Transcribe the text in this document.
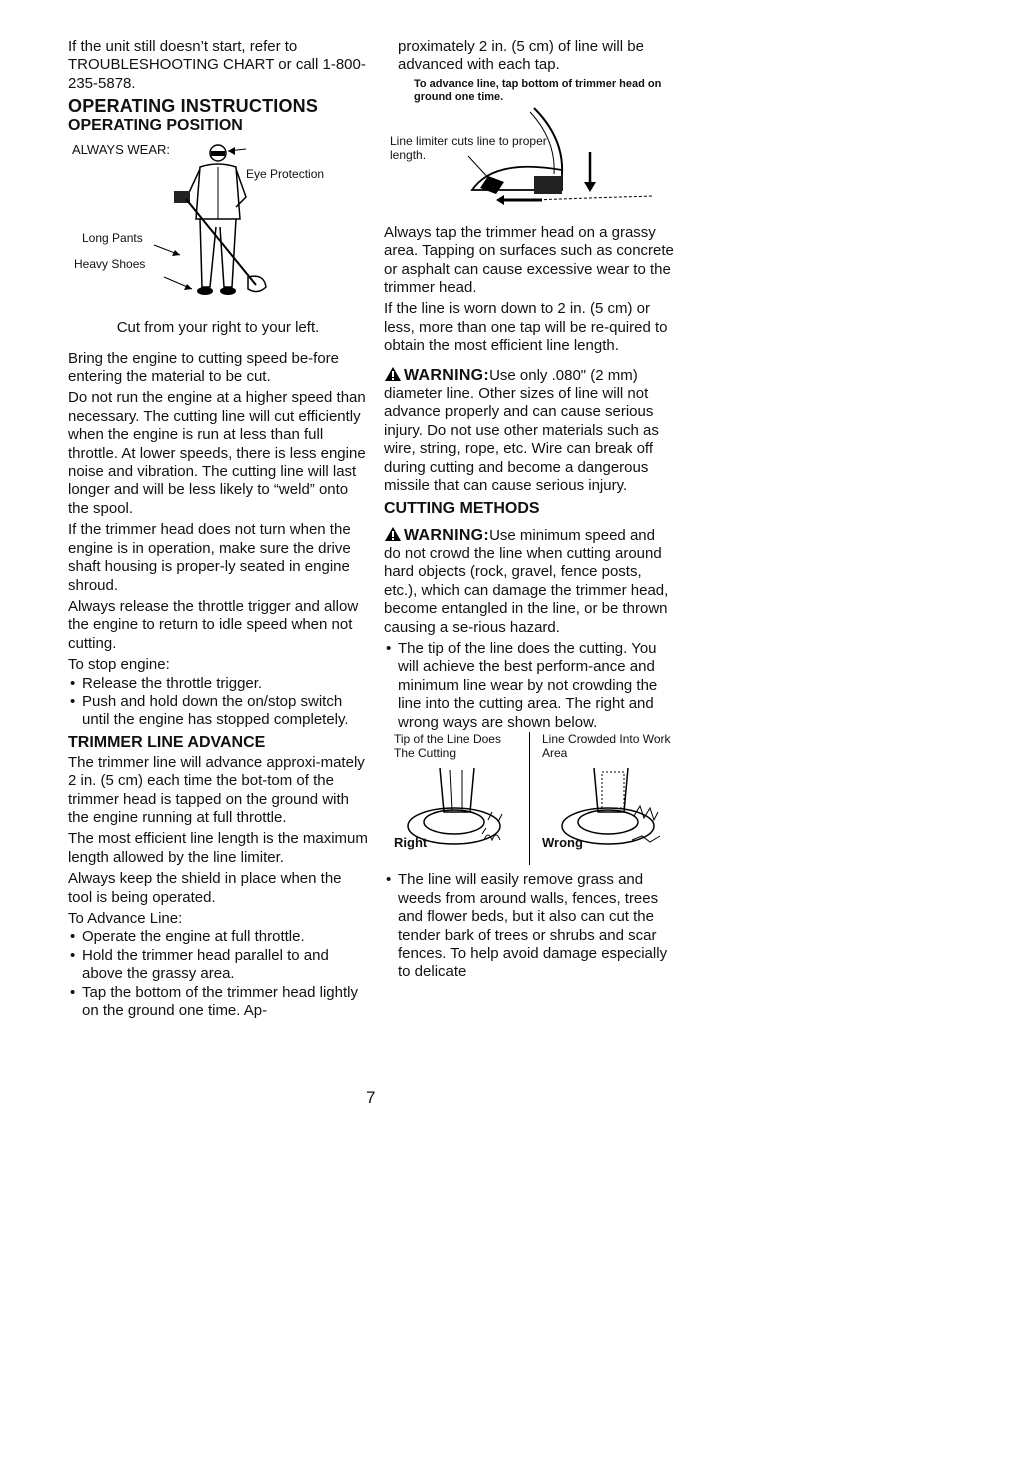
If the unit still doesn’t start, refer to TROUBLESHOOTING CHART or call 1-800-235-5878.

OPERATING INSTRUCTIONS
OPERATING POSITION
ALWAYS WEAR:
Eye Protection
Long Pants
Heavy Shoes
Cut from your right to your left.

Bring the engine to cutting speed be-fore entering the material to be cut.

Do not run the engine at a higher speed than necessary. The cutting line will cut efficiently when the engine is run at less than full throttle. At lower speeds, there is less engine noise and vibration. The cutting line will last longer and will be less likely to “weld” onto the spool.

If the trimmer head does not turn when the engine is in operation, make sure the drive shaft housing is proper-ly seated in engine shroud.

Always release the throttle trigger and allow the engine to return to idle speed when not cutting.

To stop engine:

• Release the throttle trigger.
• Push and hold down the on/stop switch until the engine has stopped completely.
TRIMMER LINE ADVANCE

The trimmer line will advance approxi-mately 2 in. (5 cm) each time the bot-tom of the trimmer head is tapped on the ground with the engine running at full throttle.

The most efficient line length is the maximum length allowed by the line limiter.

Always keep the shield in place when the tool is being operated.

To Advance Line:

• Operate the engine at full throttle.
• Hold the trimmer head parallel to and above the grassy area.
• Tap the bottom of the trimmer head lightly on the ground one time. Ap-

proximately 2 in. (5 cm) of line will be advanced with each tap.

To advance line, tap bottom of trimmer head on ground one time.
Line limiter cuts line to proper length.

Always tap the trimmer head on a grassy area. Tapping on surfaces such as concrete or asphalt can cause excessive wear to the trimmer head.

If the line is worn down to 2 in. (5 cm) or less, more than one tap will be re-quired to obtain the most efficient line length.

WARNING:Use only .080" (2 mm) diameter line. Other sizes of line will not advance properly and can cause serious injury. Do not use other materials such as wire, string, rope, etc. Wire can break off during cutting and become a dangerous missile that can cause serious injury.

CUTTING METHODS

WARNING:Use minimum speed and do not crowd the line when cutting around hard objects (rock, gravel, fence posts, etc.), which can damage the trimmer head, become entangled in the line, or be thrown causing a se-rious hazard.

• The tip of the line does the cutting. You will achieve the best perform-ance and minimum line wear by not crowding the line into the cutting area. The right and wrong ways are shown below.
Tip of the Line Does The Cutting
Right
Line Crowded Into Work Area
Wrong
• The line will easily remove grass and weeds from around walls, fences, trees and flower beds, but it also can cut the tender bark of trees or shrubs and scar fences. To help avoid damage especially to delicate
7
